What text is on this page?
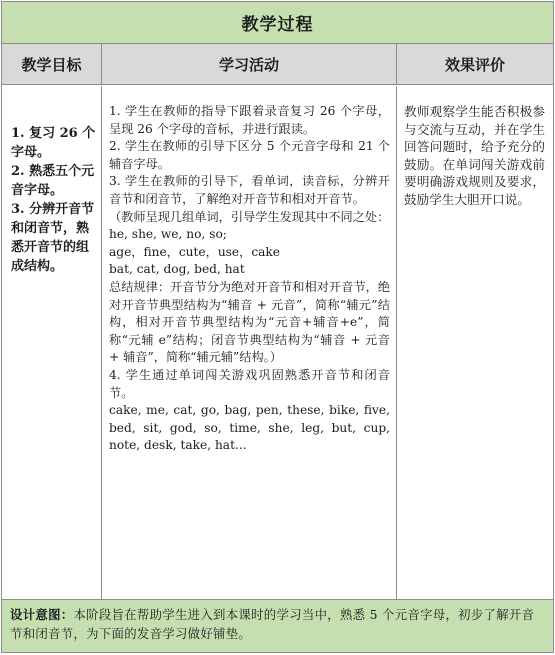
教学过程
教学目标	学习活动	效果评价
1. 复习 26 个字母。
2. 熟悉五个元音字母。
3. 分辨开音节和闭音节，熟悉开音节的组成结构。

1. 学生在教师的指导下跟着录音复习 26 个字母，呈现 26 个字母的音标，并进行跟读。

2. 学生在教师的引导下区分 5 个元音字母和 21 个辅音字母。

3. 学生在教师的引导下，看单词，读音标，分辨开音节和闭音节，了解绝对开音节和相对开音节。

（教师呈现几组单词，引导学生发现其中不同之处：

he, she, we, no, so;

age，fine，cute，use，cake

bat, cat, dog, bed, hat

总结规律：开音节分为绝对开音节和相对开音节，绝对开音节典型结构为“辅音 + 元音”，简称“辅元”结构，相对开音节典型结构为“元音+辅音+e”，简称“元辅 e”结构；闭音节典型结构为“辅音 + 元音 + 辅音”，简称“辅元辅”结构。）

4. 学生通过单词闯关游戏巩固熟悉开音节和闭音节。

cake, me, cat, go, bag, pen, these, bike, five, bed, sit, god, so, time, she, leg, but, cup, note, desk, take, hat...

教师观察学生能否积极参与交流与互动，并在学生回答问题时，给予充分的鼓励。在单词闯关游戏前要明确游戏规则及要求，鼓励学生大胆开口说。
设计意图：本阶段旨在帮助学生进入到本课时的学习当中，熟悉 5 个元音字母，初步了解开音节和闭音节，为下面的发音学习做好铺垫。
